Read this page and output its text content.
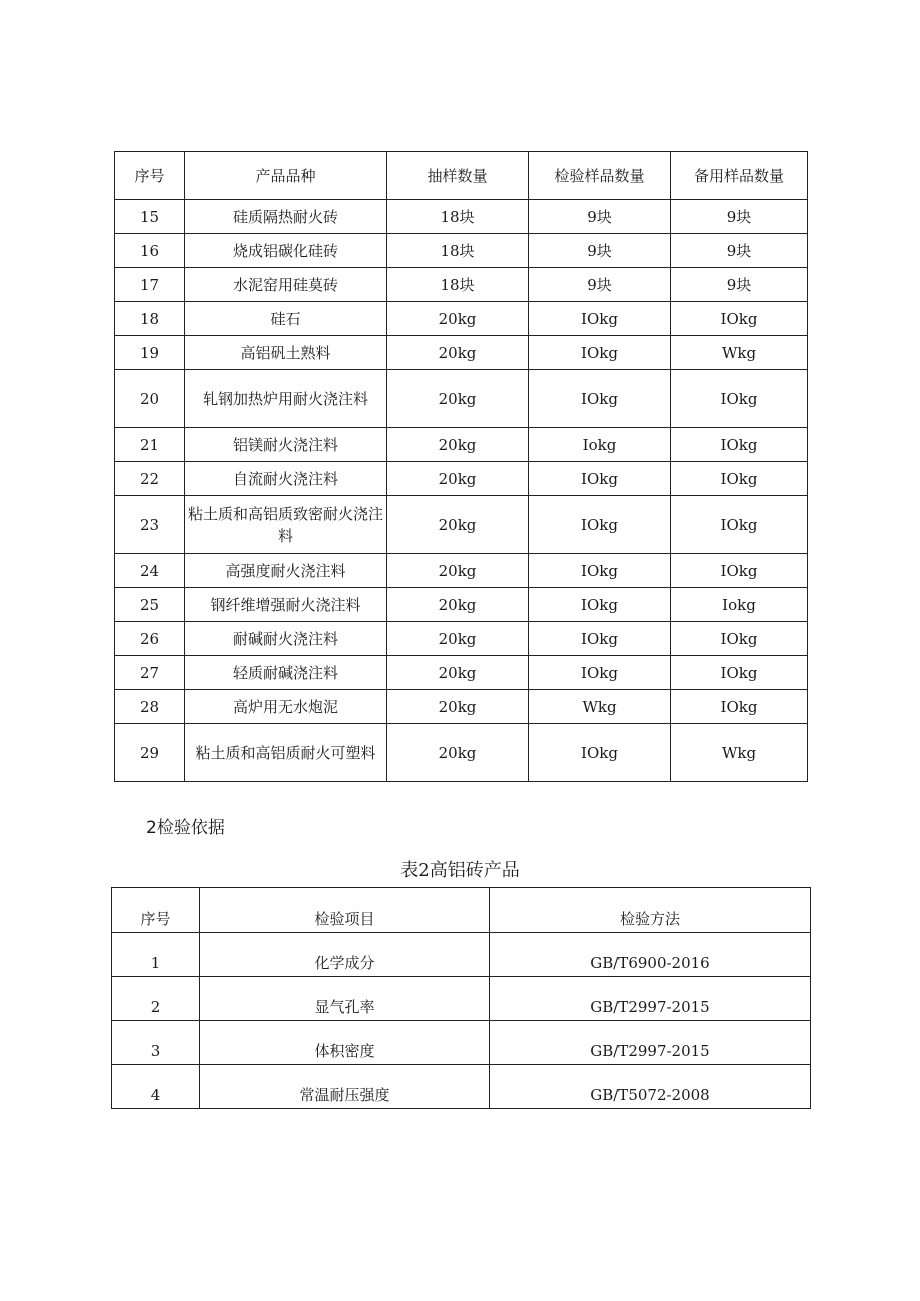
序号	产品品种	抽样数量	检验样品数量	备用样品数量
15	硅质隔热耐火砖	18块	9块	9块
16	烧成铝碳化硅砖	18块	9块	9块
17	水泥窑用硅莫砖	18块	9块	9块
18	硅石	20kg	IOkg	IOkg
19	高铝矾土熟料	20kg	IOkg	Wkg
20	轧钢加热炉用耐火浇注料	20kg	IOkg	IOkg
21	铝镁耐火浇注料	20kg	Iokg	IOkg
22	自流耐火浇注料	20kg	IOkg	IOkg
23	粘土质和高铝质致密耐火浇注料	20kg	IOkg	IOkg
24	高强度耐火浇注料	20kg	IOkg	IOkg
25	钢纤维增强耐火浇注料	20kg	IOkg	Iokg
26	耐碱耐火浇注料	20kg	IOkg	IOkg
27	轻质耐碱浇注料	20kg	IOkg	IOkg
28	高炉用无水炮泥	20kg	Wkg	IOkg
29	粘土质和高铝质耐火可塑料	20kg	IOkg	Wkg
2检验依据
表2高铝砖产品
序号	检验项目	检验方法
1	化学成分	GB/T6900-2016
2	显气孔率	GB/T2997-2015
3	体积密度	GB/T2997-2015
4	常温耐压强度	GB/T5072-2008
